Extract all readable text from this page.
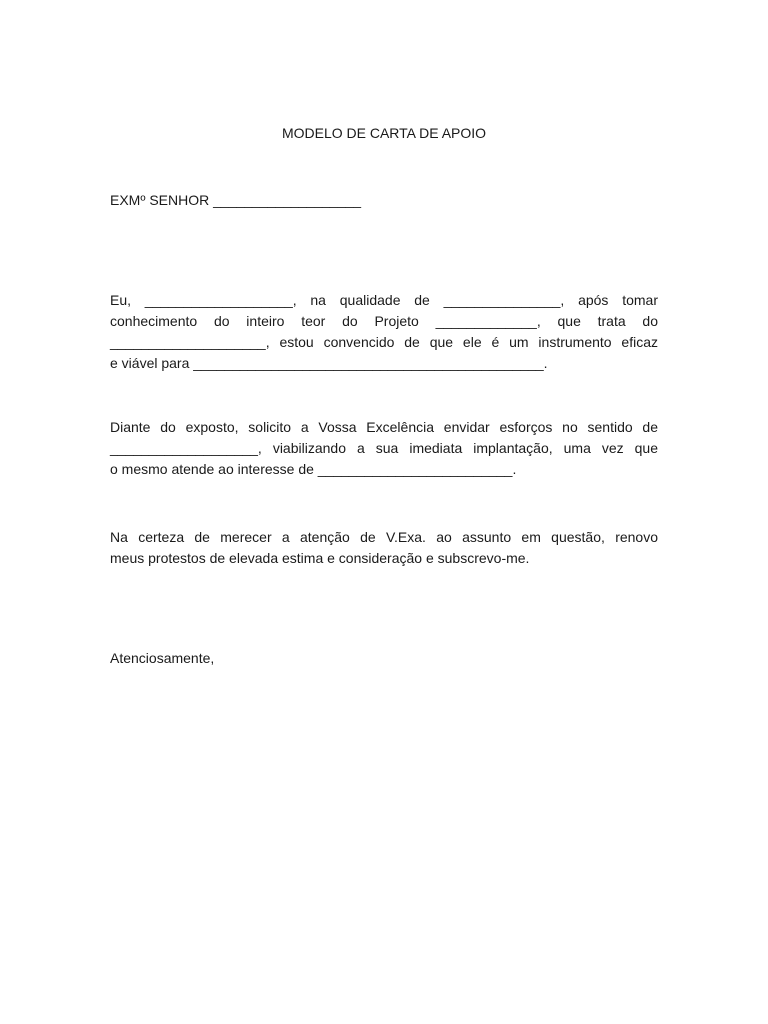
MODELO DE CARTA DE APOIO
EXMº SENHOR ___________________
Eu, ___________________, na qualidade de _______________, após tomar
conhecimento do inteiro teor do Projeto _____________, que trata do
____________________, estou convencido de que ele é um instrumento eficaz
e viável para _____________________________________________.
Diante do exposto, solicito a Vossa Excelência envidar esforços no sentido de
___________________, viabilizando a sua imediata implantação, uma vez que
o mesmo atende ao interesse de _________________________.
Na certeza de merecer a atenção de V.Exa. ao assunto em questão, renovo
meus protestos de elevada estima e consideração e subscrevo-me.
Atenciosamente,
